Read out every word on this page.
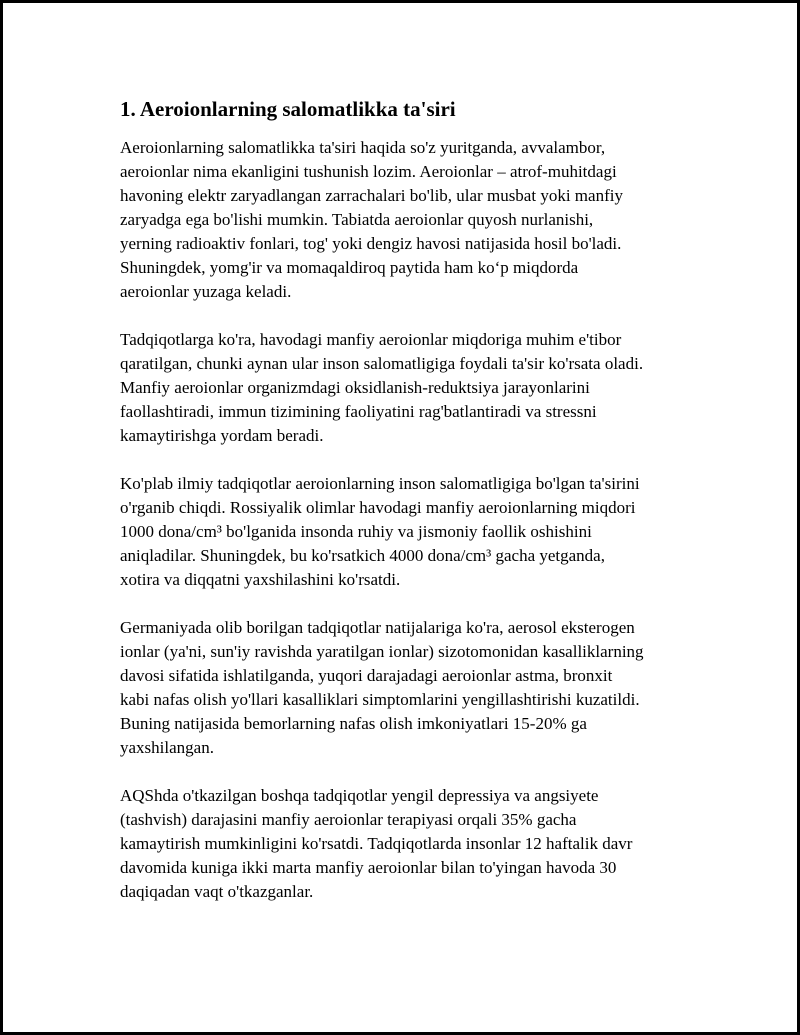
1. Aeroionlarning salomatlikka ta'siri

Aeroionlarning salomatlikka ta'siri haqida so'z yuritganda, avvalambor,
aeroionlar nima ekanligini tushunish lozim. Aeroionlar – atrof-muhitdagi
havoning elektr zaryadlangan zarrachalari bo'lib, ular musbat yoki manfiy
zaryadga ega bo'lishi mumkin. Tabiatda aeroionlar quyosh nurlanishi,
yerning radioaktiv fonlari, tog' yoki dengiz havosi natijasida hosil bo'ladi.
Shuningdek, yomg'ir va momaqaldiroq paytida ham ko‘p miqdorda
aeroionlar yuzaga keladi.

Tadqiqotlarga ko'ra, havodagi manfiy aeroionlar miqdoriga muhim e'tibor
qaratilgan, chunki aynan ular inson salomatligiga foydali ta'sir ko'rsata oladi.
Manfiy aeroionlar organizmdagi oksidlanish-reduktsiya jarayonlarini
faollashtiradi, immun tizimining faoliyatini rag'batlantiradi va stressni
kamaytirishga yordam beradi.

Ko'plab ilmiy tadqiqotlar aeroionlarning inson salomatligiga bo'lgan ta'sirini
o'rganib chiqdi. Rossiyalik olimlar havodagi manfiy aeroionlarning miqdori
1000 dona/cm³ bo'lganida insonda ruhiy va jismoniy faollik oshishini
aniqladilar. Shuningdek, bu ko'rsatkich 4000 dona/cm³ gacha yetganda,
xotira va diqqatni yaxshilashini ko'rsatdi.

Germaniyada olib borilgan tadqiqotlar natijalariga ko'ra, aerosol eksterogen
ionlar (ya'ni, sun'iy ravishda yaratilgan ionlar) sizotomonidan kasalliklarning
davosi sifatida ishlatilganda, yuqori darajadagi aeroionlar astma, bronxit
kabi nafas olish yo'llari kasalliklari simptomlarini yengillashtirishi kuzatildi.
Buning natijasida bemorlarning nafas olish imkoniyatlari 15-20% ga
yaxshilangan.

AQShda o'tkazilgan boshqa tadqiqotlar yengil depressiya va angsiyete
(tashvish) darajasini manfiy aeroionlar terapiyasi orqali 35% gacha
kamaytirish mumkinligini ko'rsatdi. Tadqiqotlarda insonlar 12 haftalik davr
davomida kuniga ikki marta manfiy aeroionlar bilan to'yingan havoda 30
daqiqadan vaqt o'tkazganlar.
